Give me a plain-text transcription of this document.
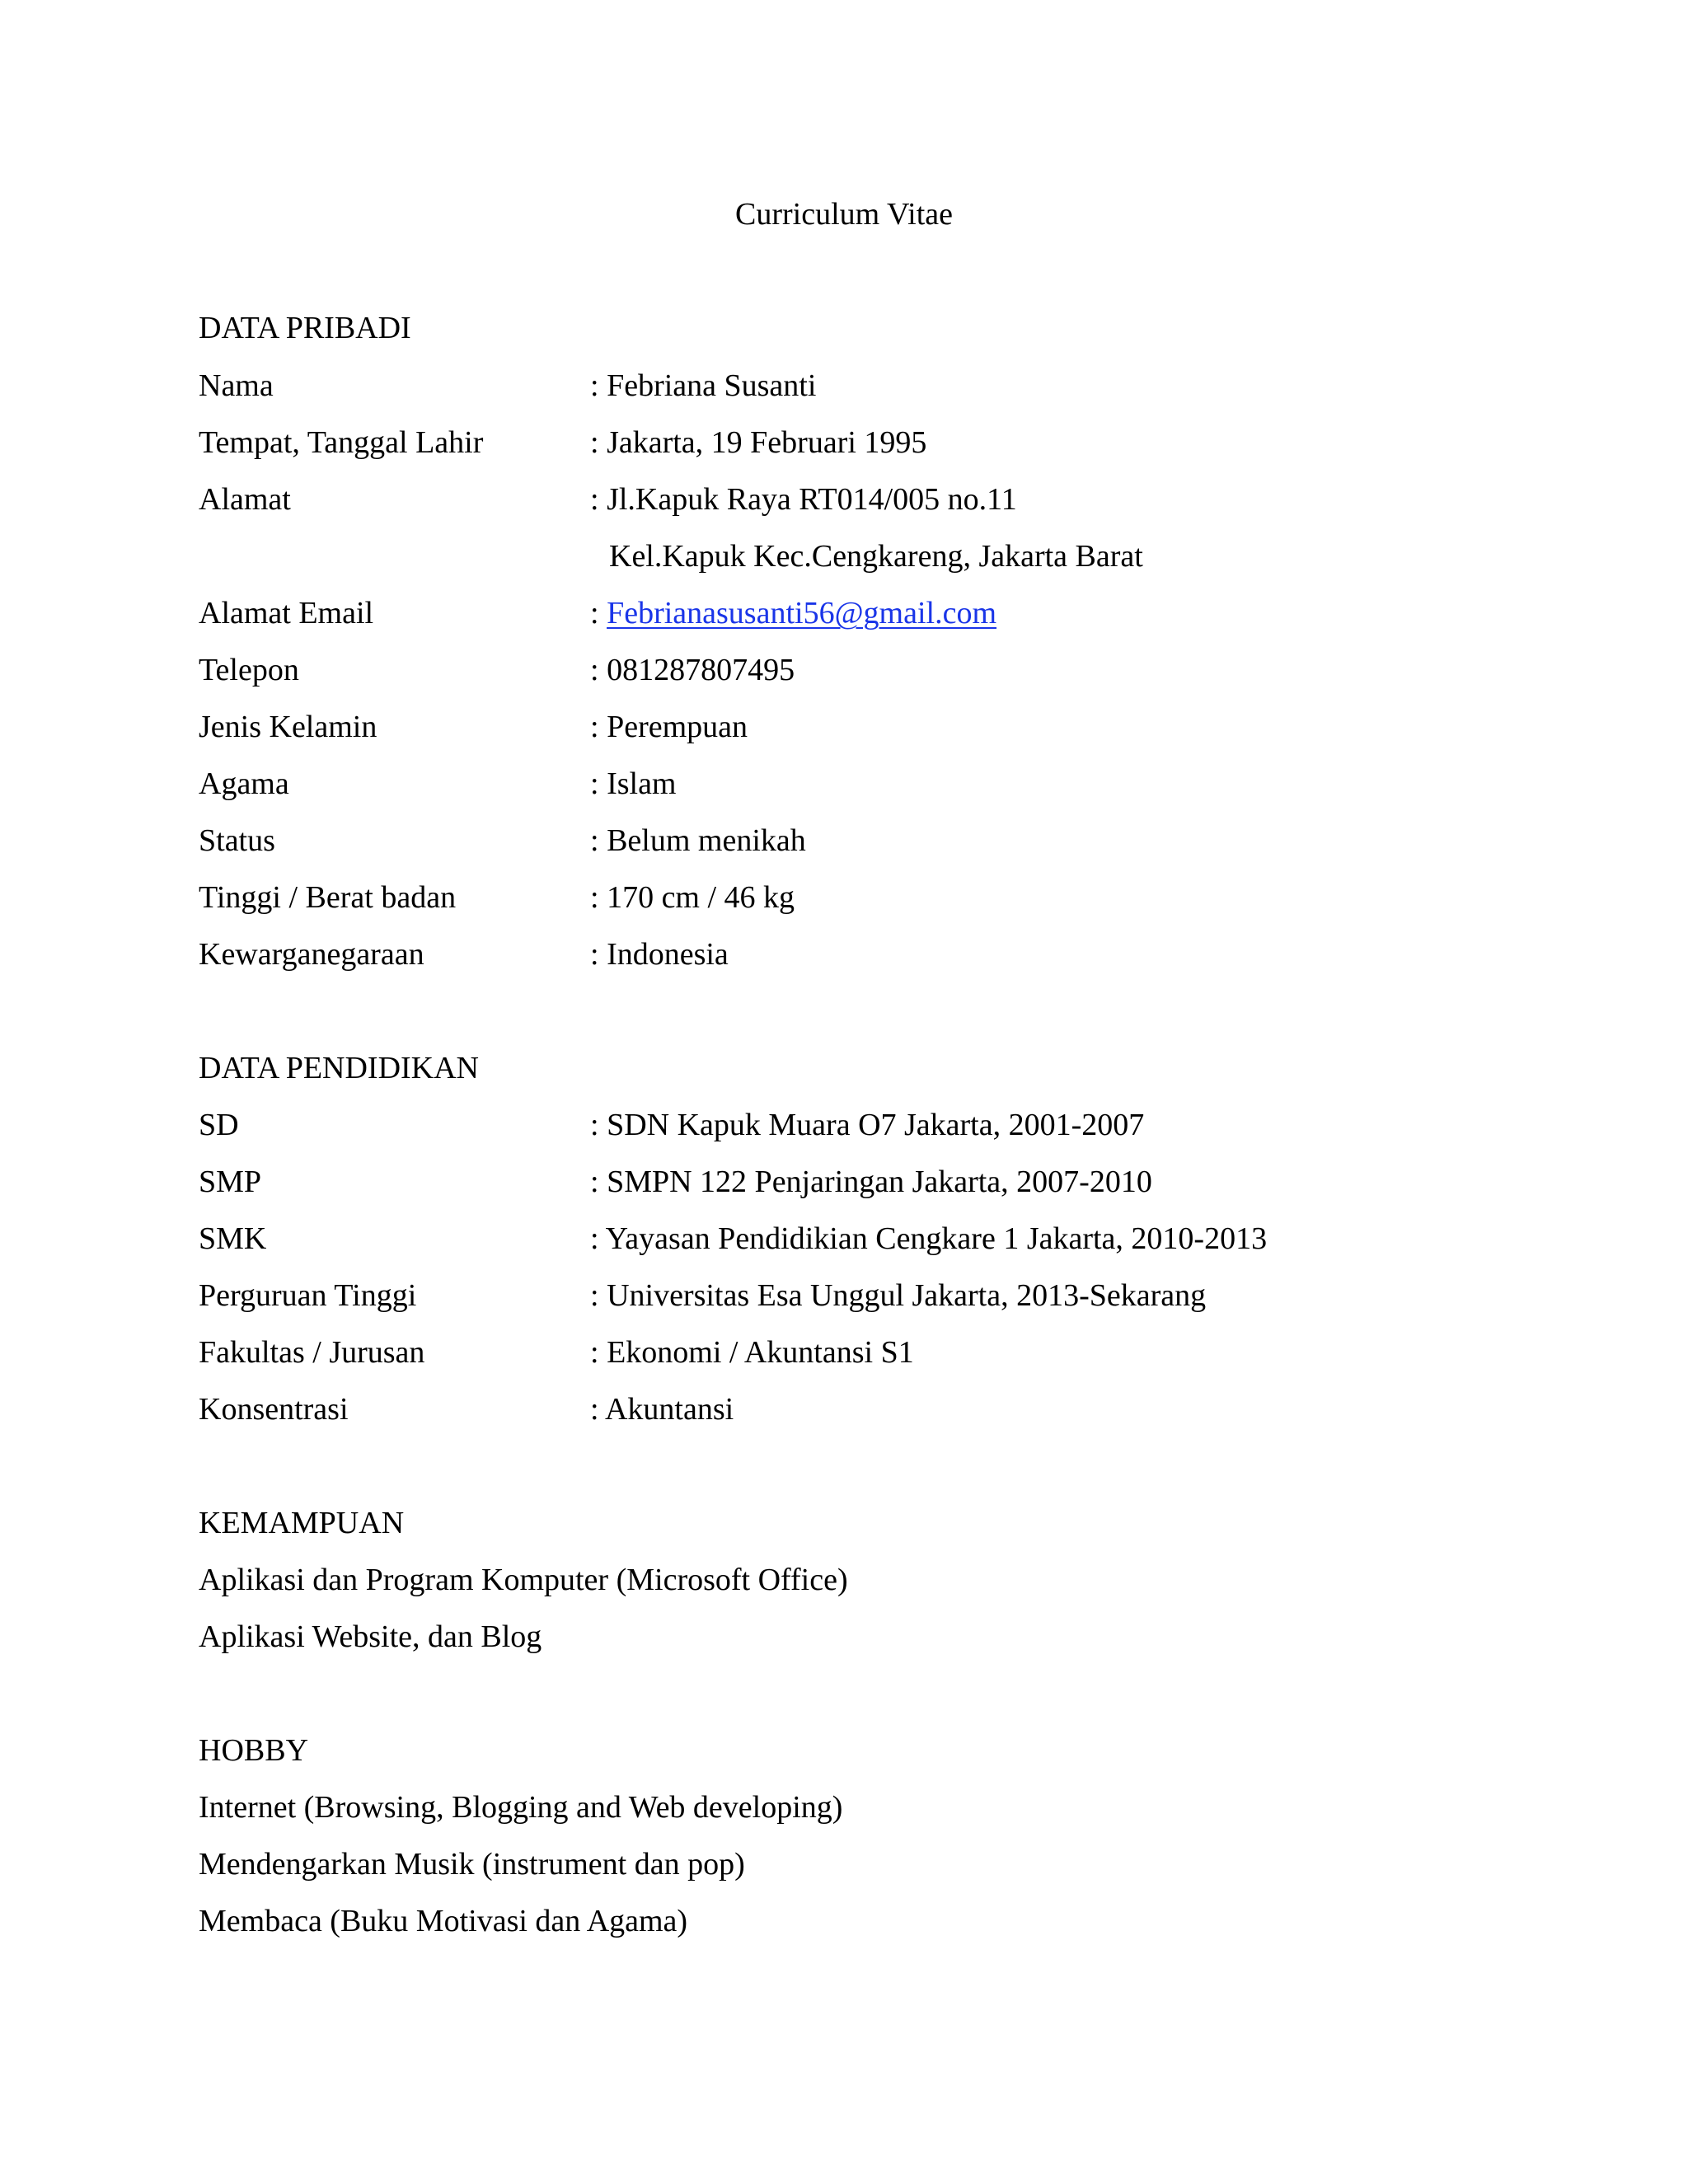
Curriculum Vitae
DATA PRIBADI
Nama	: Febriana Susanti
Tempat, Tanggal Lahir	: Jakarta, 19 Februari 1995
Alamat	: Jl.Kapuk Raya RT014/005 no.11
Kel.Kapuk Kec.Cengkareng, Jakarta Barat
Alamat Email	: Febrianasusanti56@gmail.com
Telepon	: 081287807495
Jenis Kelamin	: Perempuan
Agama	: Islam
Status	: Belum menikah
Tinggi / Berat badan	: 170 cm / 46 kg
Kewarganegaraan	: Indonesia
DATA PENDIDIKAN
SD	: SDN Kapuk Muara O7 Jakarta, 2001-2007
SMP	: SMPN 122 Penjaringan Jakarta, 2007-2010
SMK	: Yayasan Pendidikian Cengkare 1 Jakarta, 2010-2013
Perguruan Tinggi	: Universitas Esa Unggul Jakarta, 2013-Sekarang
Fakultas / Jurusan	: Ekonomi / Akuntansi S1
Konsentrasi	: Akuntansi
KEMAMPUAN
Aplikasi dan Program Komputer (Microsoft Office)
Aplikasi Website, dan Blog
HOBBY
Internet (Browsing, Blogging and Web developing)
Mendengarkan Musik (instrument dan pop)
Membaca (Buku Motivasi dan Agama)
